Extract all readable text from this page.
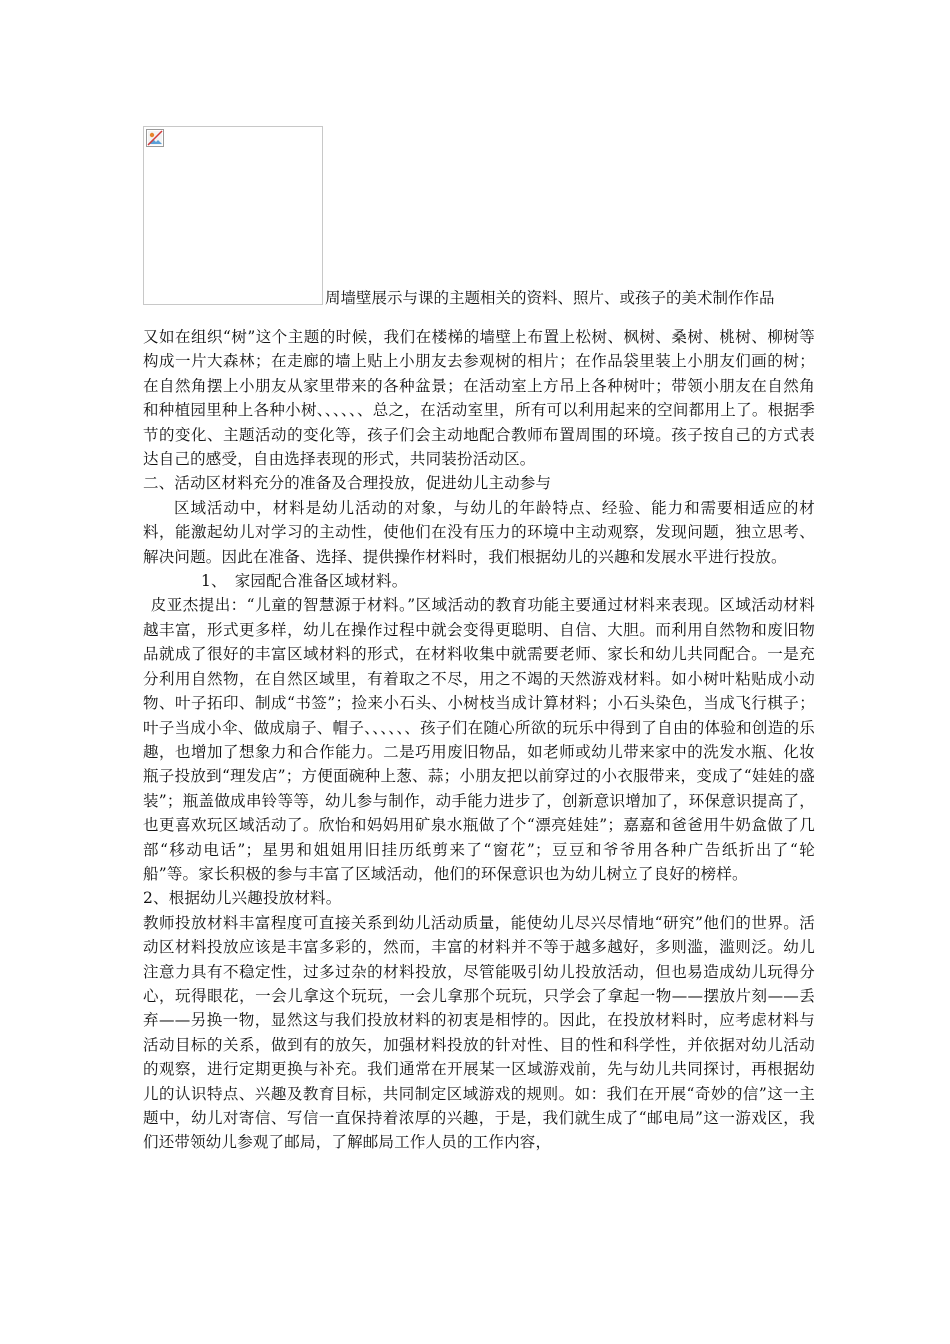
周墙壁展示与课的主题相关的资料、照片、或孩子的美术制作作品

又如在组织“树”这个主题的时候，我们在楼梯的墙壁上布置上松树、枫树、桑树、桃树、柳树等构成一片大森林；在走廊的墙上贴上小朋友去参观树的相片；在作品袋里装上小朋友们画的树；在自然角摆上小朋友从家里带来的各种盆景；在活动室上方吊上各种树叶；带领小朋友在自然角和种植园里种上各种小树、、、、、、总之，在活动室里，所有可以利用起来的空间都用上了。根据季节的变化、主题活动的变化等，孩子们会主动地配合教师布置周围的环境。孩子按自己的方式表达自己的感受，自由选择表现的形式，共同装扮活动区。

二、活动区材料充分的准备及合理投放，促进幼儿主动参与

区域活动中，材料是幼儿活动的对象，与幼儿的年龄特点、经验、能力和需要相适应的材料，能激起幼儿对学习的主动性，使他们在没有压力的环境中主动观察，发现问题，独立思考、解决问题。因此在准备、选择、提供操作材料时，我们根据幼儿的兴趣和发展水平进行投放。

1、　家园配合准备区域材料。

皮亚杰提出：“儿童的智慧源于材料。”区域活动的教育功能主要通过材料来表现。区域活动材料越丰富，形式更多样，幼儿在操作过程中就会变得更聪明、自信、大胆。而利用自然物和废旧物品就成了很好的丰富区域材料的形式，在材料收集中就需要老师、家长和幼儿共同配合。一是充分利用自然物，在自然区域里，有着取之不尽，用之不竭的天然游戏材料。如小树叶粘贴成小动物、叶子拓印、制成“书签”；捡来小石头、小树枝当成计算材料；小石头染色，当成飞行棋子；叶子当成小伞、做成扇子、帽子、、、、、、孩子们在随心所欲的玩乐中得到了自由的体验和创造的乐趣，也增加了想象力和合作能力。二是巧用废旧物品，如老师或幼儿带来家中的洗发水瓶、化妆瓶子投放到“理发店”；方便面碗种上葱、蒜；小朋友把以前穿过的小衣服带来，变成了“娃娃的盛装”；瓶盖做成串铃等等，幼儿参与制作，动手能力进步了，创新意识增加了，环保意识提高了，也更喜欢玩区域活动了。欣怡和妈妈用矿泉水瓶做了个“漂亮娃娃”；嘉嘉和爸爸用牛奶盒做了几部“移动电话”；星男和姐姐用旧挂历纸剪来了“窗花”；豆豆和爷爷用各种广告纸折出了“轮船”等。家长积极的参与丰富了区域活动，他们的环保意识也为幼儿树立了良好的榜样。

2、根据幼儿兴趣投放材料。

教师投放材料丰富程度可直接关系到幼儿活动质量，能使幼儿尽兴尽情地“研究”他们的世界。活动区材料投放应该是丰富多彩的，然而，丰富的材料并不等于越多越好，多则滥，滥则泛。幼儿注意力具有不稳定性，过多过杂的材料投放，尽管能吸引幼儿投放活动，但也易造成幼儿玩得分心，玩得眼花，一会儿拿这个玩玩，一会儿拿那个玩玩，只学会了拿起一物——摆放片刻——丢弃——另换一物，显然这与我们投放材料的初衷是相悖的。因此，在投放材料时，应考虑材料与活动目标的关系，做到有的放矢，加强材料投放的针对性、目的性和科学性，并依据对幼儿活动的观察，进行定期更换与补充。我们通常在开展某一区域游戏前，先与幼儿共同探讨，再根据幼儿的认识特点、兴趣及教育目标，共同制定区域游戏的规则。如：我们在开展“奇妙的信”这一主题中，幼儿对寄信、写信一直保持着浓厚的兴趣，于是，我们就生成了“邮电局”这一游戏区，我们还带领幼儿参观了邮局，了解邮局工作人员的工作内容，
